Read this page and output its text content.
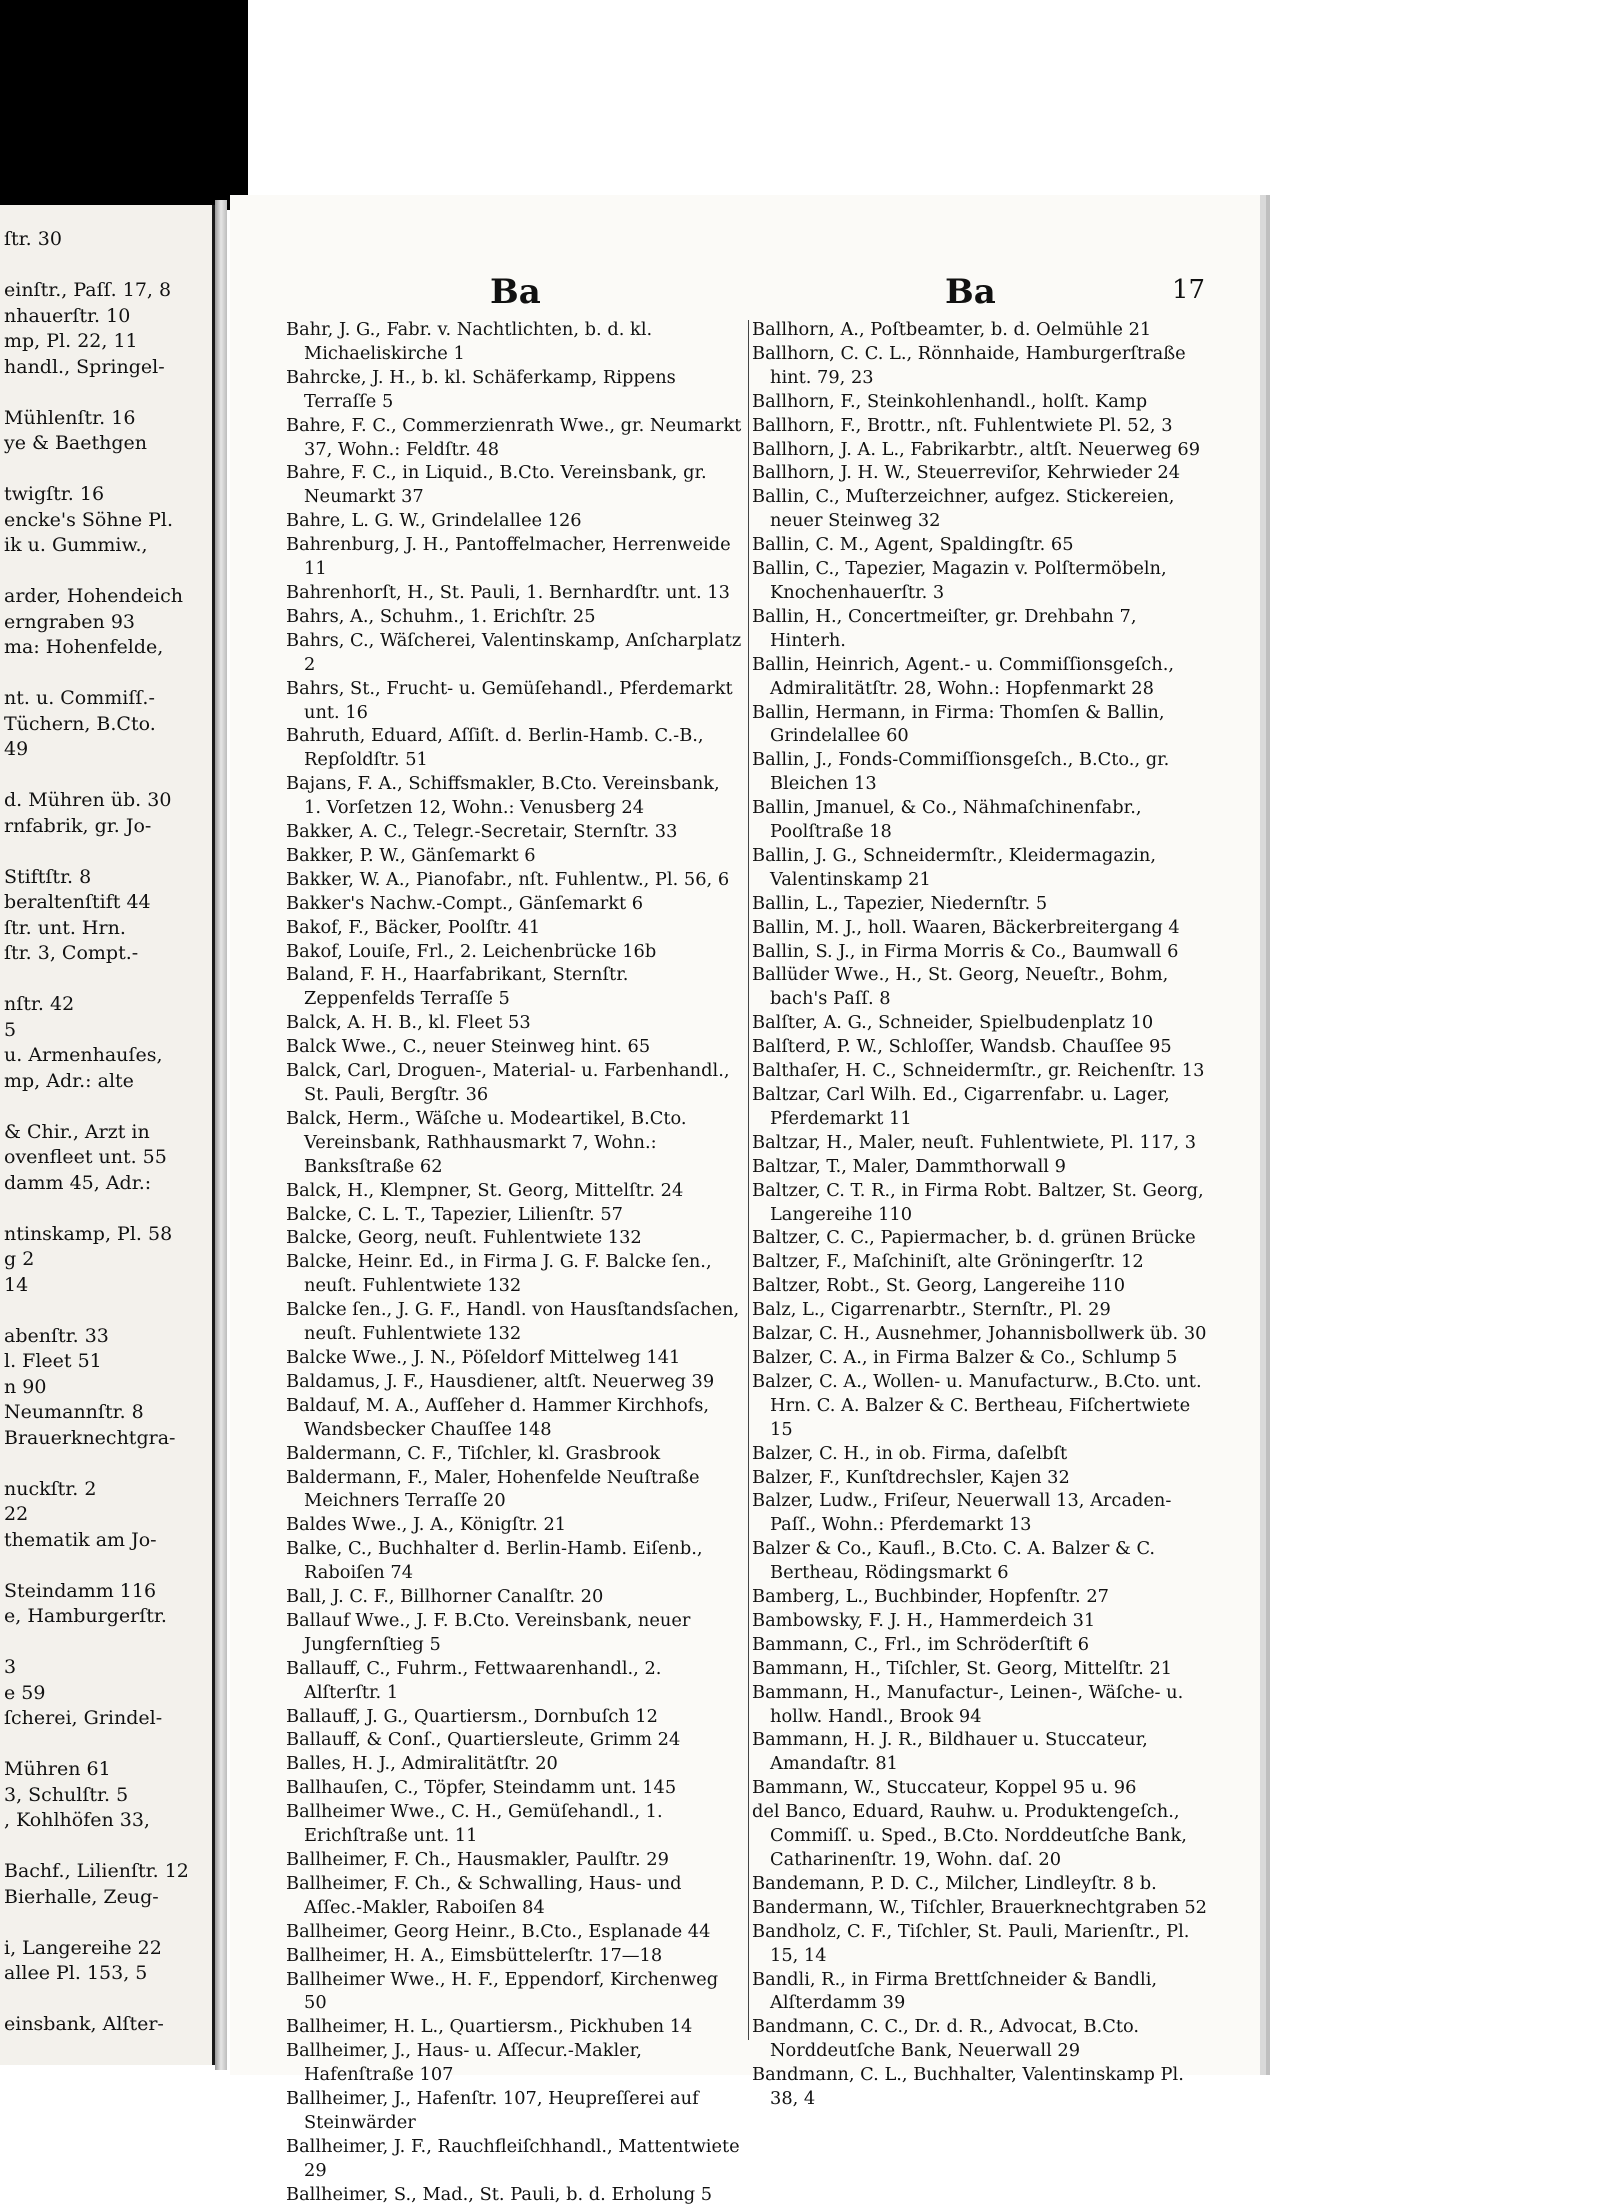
ſtr. 30
einſtr., Paſſ. 17, 8
nhauerſtr. 10
mp, Pl. 22, 11
handl., Springel-
Mühlenſtr. 16
ye & Baethgen
twigſtr. 16
encke's Söhne Pl.
ik u. Gummiw.,
arder, Hohendeich
erngraben 93
ma: Hohenfelde,
nt. u. Commiſſ.-
Tüchern, B.Cto.
49
d. Mühren üb. 30
rnfabrik, gr. Jo-
Stiftſtr. 8
beraltenſtift 44
ſtr. unt. Hrn.
ſtr. 3, Compt.-
nſtr. 42
5
u. Armenhauſes,
mp, Adr.: alte
& Chir., Arzt in
ovenfleet unt. 55
damm 45, Adr.:
ntinskamp, Pl. 58
g 2
14
abenſtr. 33
l. Fleet 51
n 90
Neumannſtr. 8
Brauerknechtgra-
nuckſtr. 2
22
thematik am Jo-
Steindamm 116
e, Hamburgerſtr.
3
e 59
ſcherei, Grindel-
Mühren 61
3, Schulſtr. 5
, Kohlhöfen 33,
Bachf., Lilienſtr. 12
Bierhalle, Zeug-
i, Langereihe 22
allee Pl. 153, 5
einsbank, Alſter-
Ba	Ba	17
Bahr, J. G., Fabr. v. Nachtlichten, b. d. kl. Michaeliskirche 1
Bahrcke, J. H., b. kl. Schäferkamp, Rippens Terraſſe 5
Bahre, F. C., Commerzienrath Wwe., gr. Neumarkt 37, Wohn.: Feldſtr. 48
Bahre, F. C., in Liquid., B.Cto. Vereinsbank, gr. Neumarkt 37
Bahre, L. G. W., Grindelallee 126
Bahrenburg, J. H., Pantoffelmacher, Herrenweide 11
Bahrenhorſt, H., St. Pauli, 1. Bernhardſtr. unt. 13
Bahrs, A., Schuhm., 1. Erichſtr. 25
Bahrs, C., Wäſcherei, Valentinskamp, Anſcharplatz 2
Bahrs, St., Frucht- u. Gemüſehandl., Pferdemarkt unt. 16
Bahruth, Eduard, Aſſiſt. d. Berlin-Hamb. C.-B., Repſoldſtr. 51
Bajans, F. A., Schiffsmakler, B.Cto. Vereinsbank, 1. Vorſetzen 12, Wohn.: Venusberg 24
Bakker, A. C., Telegr.-Secretair, Sternſtr. 33
Bakker, P. W., Gänſemarkt 6
Bakker, W. A., Pianofabr., nſt. Fuhlentw., Pl. 56, 6
Bakker's Nachw.-Compt., Gänſemarkt 6
Bakof, F., Bäcker, Poolſtr. 41
Bakof, Louiſe, Frl., 2. Leichenbrücke 16b
Baland, F. H., Haarfabrikant, Sternſtr. Zeppenfelds Terraſſe 5
Balck, A. H. B., kl. Fleet 53
Balck Wwe., C., neuer Steinweg hint. 65
Balck, Carl, Droguen-, Material- u. Farbenhandl., St. Pauli, Bergſtr. 36
Balck, Herm., Wäſche u. Modeartikel, B.Cto. Vereinsbank, Rathhausmarkt 7, Wohn.: Banksſtraße 62
Balck, H., Klempner, St. Georg, Mittelſtr. 24
Balcke, C. L. T., Tapezier, Lilienſtr. 57
Balcke, Georg, neuſt. Fuhlentwiete 132
Balcke, Heinr. Ed., in Firma J. G. F. Balcke ſen., neuſt. Fuhlentwiete 132
Balcke ſen., J. G. F., Handl. von Hausſtandsſachen, neuſt. Fuhlentwiete 132
Balcke Wwe., J. N., Pöſeldorf Mittelweg 141
Baldamus, J. F., Hausdiener, altſt. Neuerweg 39
Baldauf, M. A., Aufſeher d. Hammer Kirchhofs, Wandsbecker Chauſſee 148
Baldermann, C. F., Tiſchler, kl. Grasbrook
Baldermann, F., Maler, Hohenfelde Neuſtraße Meichners Terraſſe 20
Baldes Wwe., J. A., Königſtr. 21
Balke, C., Buchhalter d. Berlin-Hamb. Eiſenb., Raboiſen 74
Ball, J. C. F., Billhorner Canalſtr. 20
Ballauf Wwe., J. F. B.Cto. Vereinsbank, neuer Jungfernſtieg 5
Ballauff, C., Fuhrm., Fettwaarenhandl., 2. Alſterſtr. 1
Ballauff, J. G., Quartiersm., Dornbuſch 12
Ballauff, & Conſ., Quartiersleute, Grimm 24
Balles, H. J., Admiralitätſtr. 20
Ballhauſen, C., Töpfer, Steindamm unt. 145
Ballheimer Wwe., C. H., Gemüſehandl., 1. Erichſtraße unt. 11
Ballheimer, F. Ch., Hausmakler, Paulſtr. 29
Ballheimer, F. Ch., & Schwalling, Haus- und Aſſec.-Makler, Raboiſen 84
Ballheimer, Georg Heinr., B.Cto., Esplanade 44
Ballheimer, H. A., Eimsbüttelerſtr. 17—18
Ballheimer Wwe., H. F., Eppendorf, Kirchenweg 50
Ballheimer, H. L., Quartiersm., Pickhuben 14
Ballheimer, J., Haus- u. Aſſecur.-Makler, Hafenſtraße 107
Ballheimer, J., Hafenſtr. 107, Heupreſſerei auf Steinwärder
Ballheimer, J. F., Rauchfleiſchhandl., Mattentwiete 29
Ballheimer, S., Mad., St. Pauli, b. d. Erholung 5
Ballhorn, A., Poſtbeamter, b. d. Oelmühle 21
Ballhorn, C. C. L., Rönnhaide, Hamburgerſtraße hint. 79, 23
Ballhorn, F., Steinkohlenhandl., holſt. Kamp
Ballhorn, F., Brottr., nſt. Fuhlentwiete Pl. 52, 3
Ballhorn, J. A. L., Fabrikarbtr., altſt. Neuerweg 69
Ballhorn, J. H. W., Steuerreviſor, Kehrwieder 24
Ballin, C., Muſterzeichner, aufgez. Stickereien, neuer Steinweg 32
Ballin, C. M., Agent, Spaldingſtr. 65
Ballin, C., Tapezier, Magazin v. Polſtermöbeln, Knochenhauerſtr. 3
Ballin, H., Concertmeiſter, gr. Drehbahn 7, Hinterh.
Ballin, Heinrich, Agent.- u. Commiſſionsgeſch., Admiralitätſtr. 28, Wohn.: Hopfenmarkt 28
Ballin, Hermann, in Firma: Thomſen & Ballin, Grindelallee 60
Ballin, J., Fonds-Commiſſionsgeſch., B.Cto., gr. Bleichen 13
Ballin, Jmanuel, & Co., Nähmaſchinenfabr., Poolſtraße 18
Ballin, J. G., Schneidermſtr., Kleidermagazin, Valentinskamp 21
Ballin, L., Tapezier, Niedernſtr. 5
Ballin, M. J., holl. Waaren, Bäckerbreitergang 4
Ballin, S. J., in Firma Morris & Co., Baumwall 6
Ballüder Wwe., H., St. Georg, Neueſtr., Bohm, bach's Paſſ. 8
Balſter, A. G., Schneider, Spielbudenplatz 10
Balſterd, P. W., Schloſſer, Wandsb. Chauſſee 95
Balthaſer, H. C., Schneidermſtr., gr. Reichenſtr. 13
Baltzar, Carl Wilh. Ed., Cigarrenfabr. u. Lager, Pferdemarkt 11
Baltzar, H., Maler, neuſt. Fuhlentwiete, Pl. 117, 3
Baltzar, T., Maler, Dammthorwall 9
Baltzer, C. T. R., in Firma Robt. Baltzer, St. Georg, Langereihe 110
Baltzer, C. C., Papiermacher, b. d. grünen Brücke
Baltzer, F., Maſchiniſt, alte Gröningerſtr. 12
Baltzer, Robt., St. Georg, Langereihe 110
Balz, L., Cigarrenarbtr., Sternſtr., Pl. 29
Balzar, C. H., Ausnehmer, Johannisbollwerk üb. 30
Balzer, C. A., in Firma Balzer & Co., Schlump 5
Balzer, C. A., Wollen- u. Manufacturw., B.Cto. unt. Hrn. C. A. Balzer & C. Bertheau, Fiſchertwiete 15
Balzer, C. H., in ob. Firma, daſelbſt
Balzer, F., Kunſtdrechsler, Kajen 32
Balzer, Ludw., Friſeur, Neuerwall 13, Arcaden-Paſſ., Wohn.: Pferdemarkt 13
Balzer & Co., Kaufl., B.Cto. C. A. Balzer & C. Bertheau, Rödingsmarkt 6
Bamberg, L., Buchbinder, Hopfenſtr. 27
Bambowsky, F. J. H., Hammerdeich 31
Bammann, C., Frl., im Schröderſtift 6
Bammann, H., Tiſchler, St. Georg, Mittelſtr. 21
Bammann, H., Manufactur-, Leinen-, Wäſche- u. hollw. Handl., Brook 94
Bammann, H. J. R., Bildhauer u. Stuccateur, Amandaſtr. 81
Bammann, W., Stuccateur, Koppel 95 u. 96
del Banco, Eduard, Rauhw. u. Produktengeſch., Commiſſ. u. Sped., B.Cto. Norddeutſche Bank, Catharinenſtr. 19, Wohn. daſ. 20
Bandemann, P. D. C., Milcher, Lindleyſtr. 8 b.
Bandermann, W., Tiſchler, Brauerknechtgraben 52
Bandholz, C. F., Tiſchler, St. Pauli, Marienſtr., Pl. 15, 14
Bandli, R., in Firma Brettſchneider & Bandli, Alſterdamm 39
Bandmann, C. C., Dr. d. R., Advocat, B.Cto. Norddeutſche Bank, Neuerwall 29
Bandmann, C. L., Buchhalter, Valentinskamp Pl. 38, 4
